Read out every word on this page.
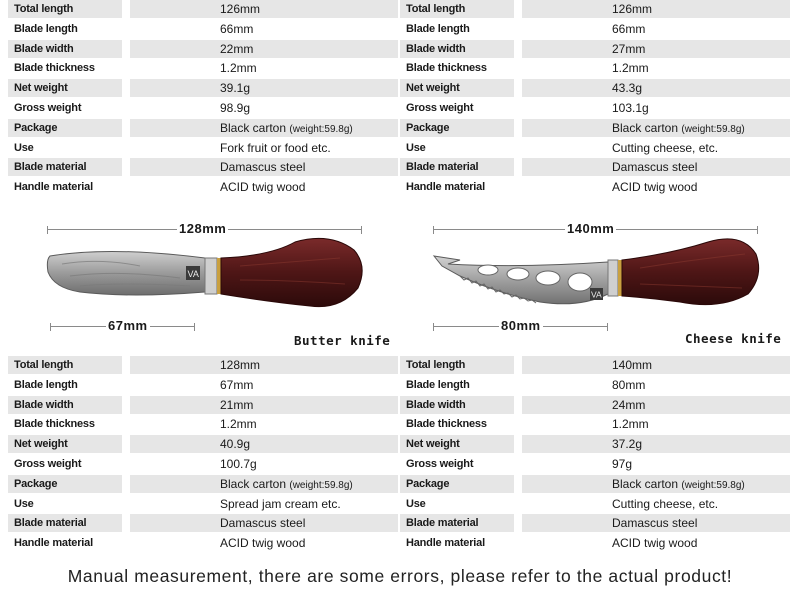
Total length	126mm
Blade length	66mm
Blade width	22mm
Blade thickness	1.2mm
Net weight	39.1g
Gross weight	98.9g
Package	Black carton (weight:59.8g)
Use	Fork fruit or food etc.
Blade material	Damascus steel
Handle material	ACID twig wood
Total length	126mm
Blade length	66mm
Blade width	27mm
Blade thickness	1.2mm
Net weight	43.3g
Gross weight	103.1g
Package	Black carton (weight:59.8g)
Use	Cutting cheese, etc.
Blade material	Damascus steel
Handle material	ACID twig wood
Total length	128mm
Blade length	67mm
Blade width	21mm
Blade thickness	1.2mm
Net weight	40.9g
Gross weight	100.7g
Package	Black carton (weight:59.8g)
Use	Spread jam cream etc.
Blade material	Damascus steel
Handle material	ACID twig wood
Total length	140mm
Blade length	80mm
Blade width	24mm
Blade thickness	1.2mm
Net weight	37.2g
Gross weight	97g
Package	Black carton (weight:59.8g)
Use	Cutting cheese, etc.
Blade material	Damascus steel
Handle material	ACID twig wood
128mm
VA
67mm
Butter knife
140mm
VA
80mm
Cheese knife
Manual measurement, there are some errors, please refer to the actual product!
